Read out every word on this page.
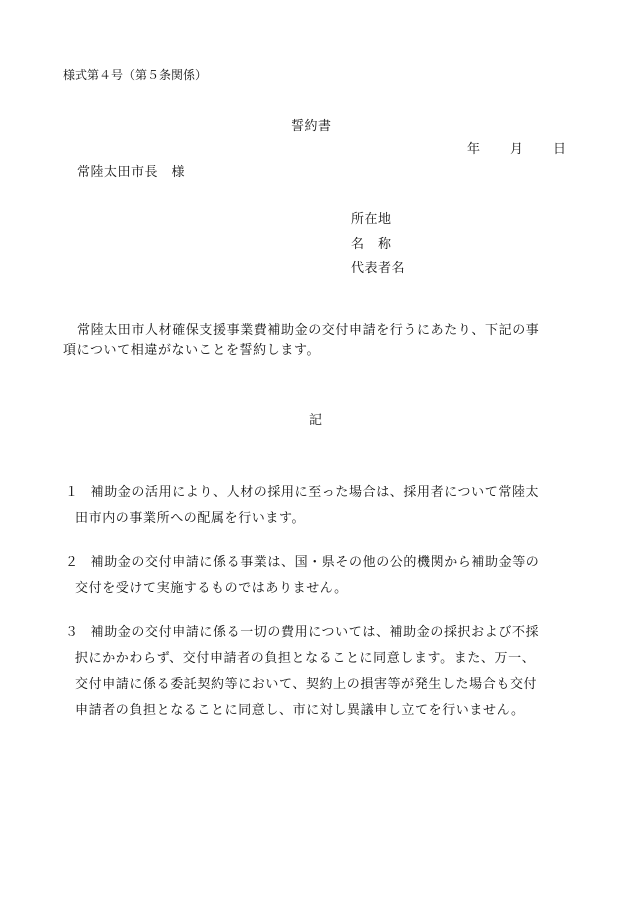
様式第４号（第５条関係）
誓約書
年 月 日
常陸太田市長　様
所在地
名　称
代表者名

常陸太田市人材確保支援事業費補助金の交付申請を行うにあたり、下記の事

項について相違がないことを誓約します。

記

１ 補助金の活用により、人材の採用に至った場合は、採用者について常陸太

田市内の事業所への配属を行います。

２ 補助金の交付申請に係る事業は、国・県その他の公的機関から補助金等の

交付を受けて実施するものではありません。

３ 補助金の交付申請に係る一切の費用については、補助金の採択および不採

択にかかわらず、交付申請者の負担となることに同意します。また、万一、

交付申請に係る委託契約等において、契約上の損害等が発生した場合も交付

申請者の負担となることに同意し、市に対し異議申し立てを行いません。
